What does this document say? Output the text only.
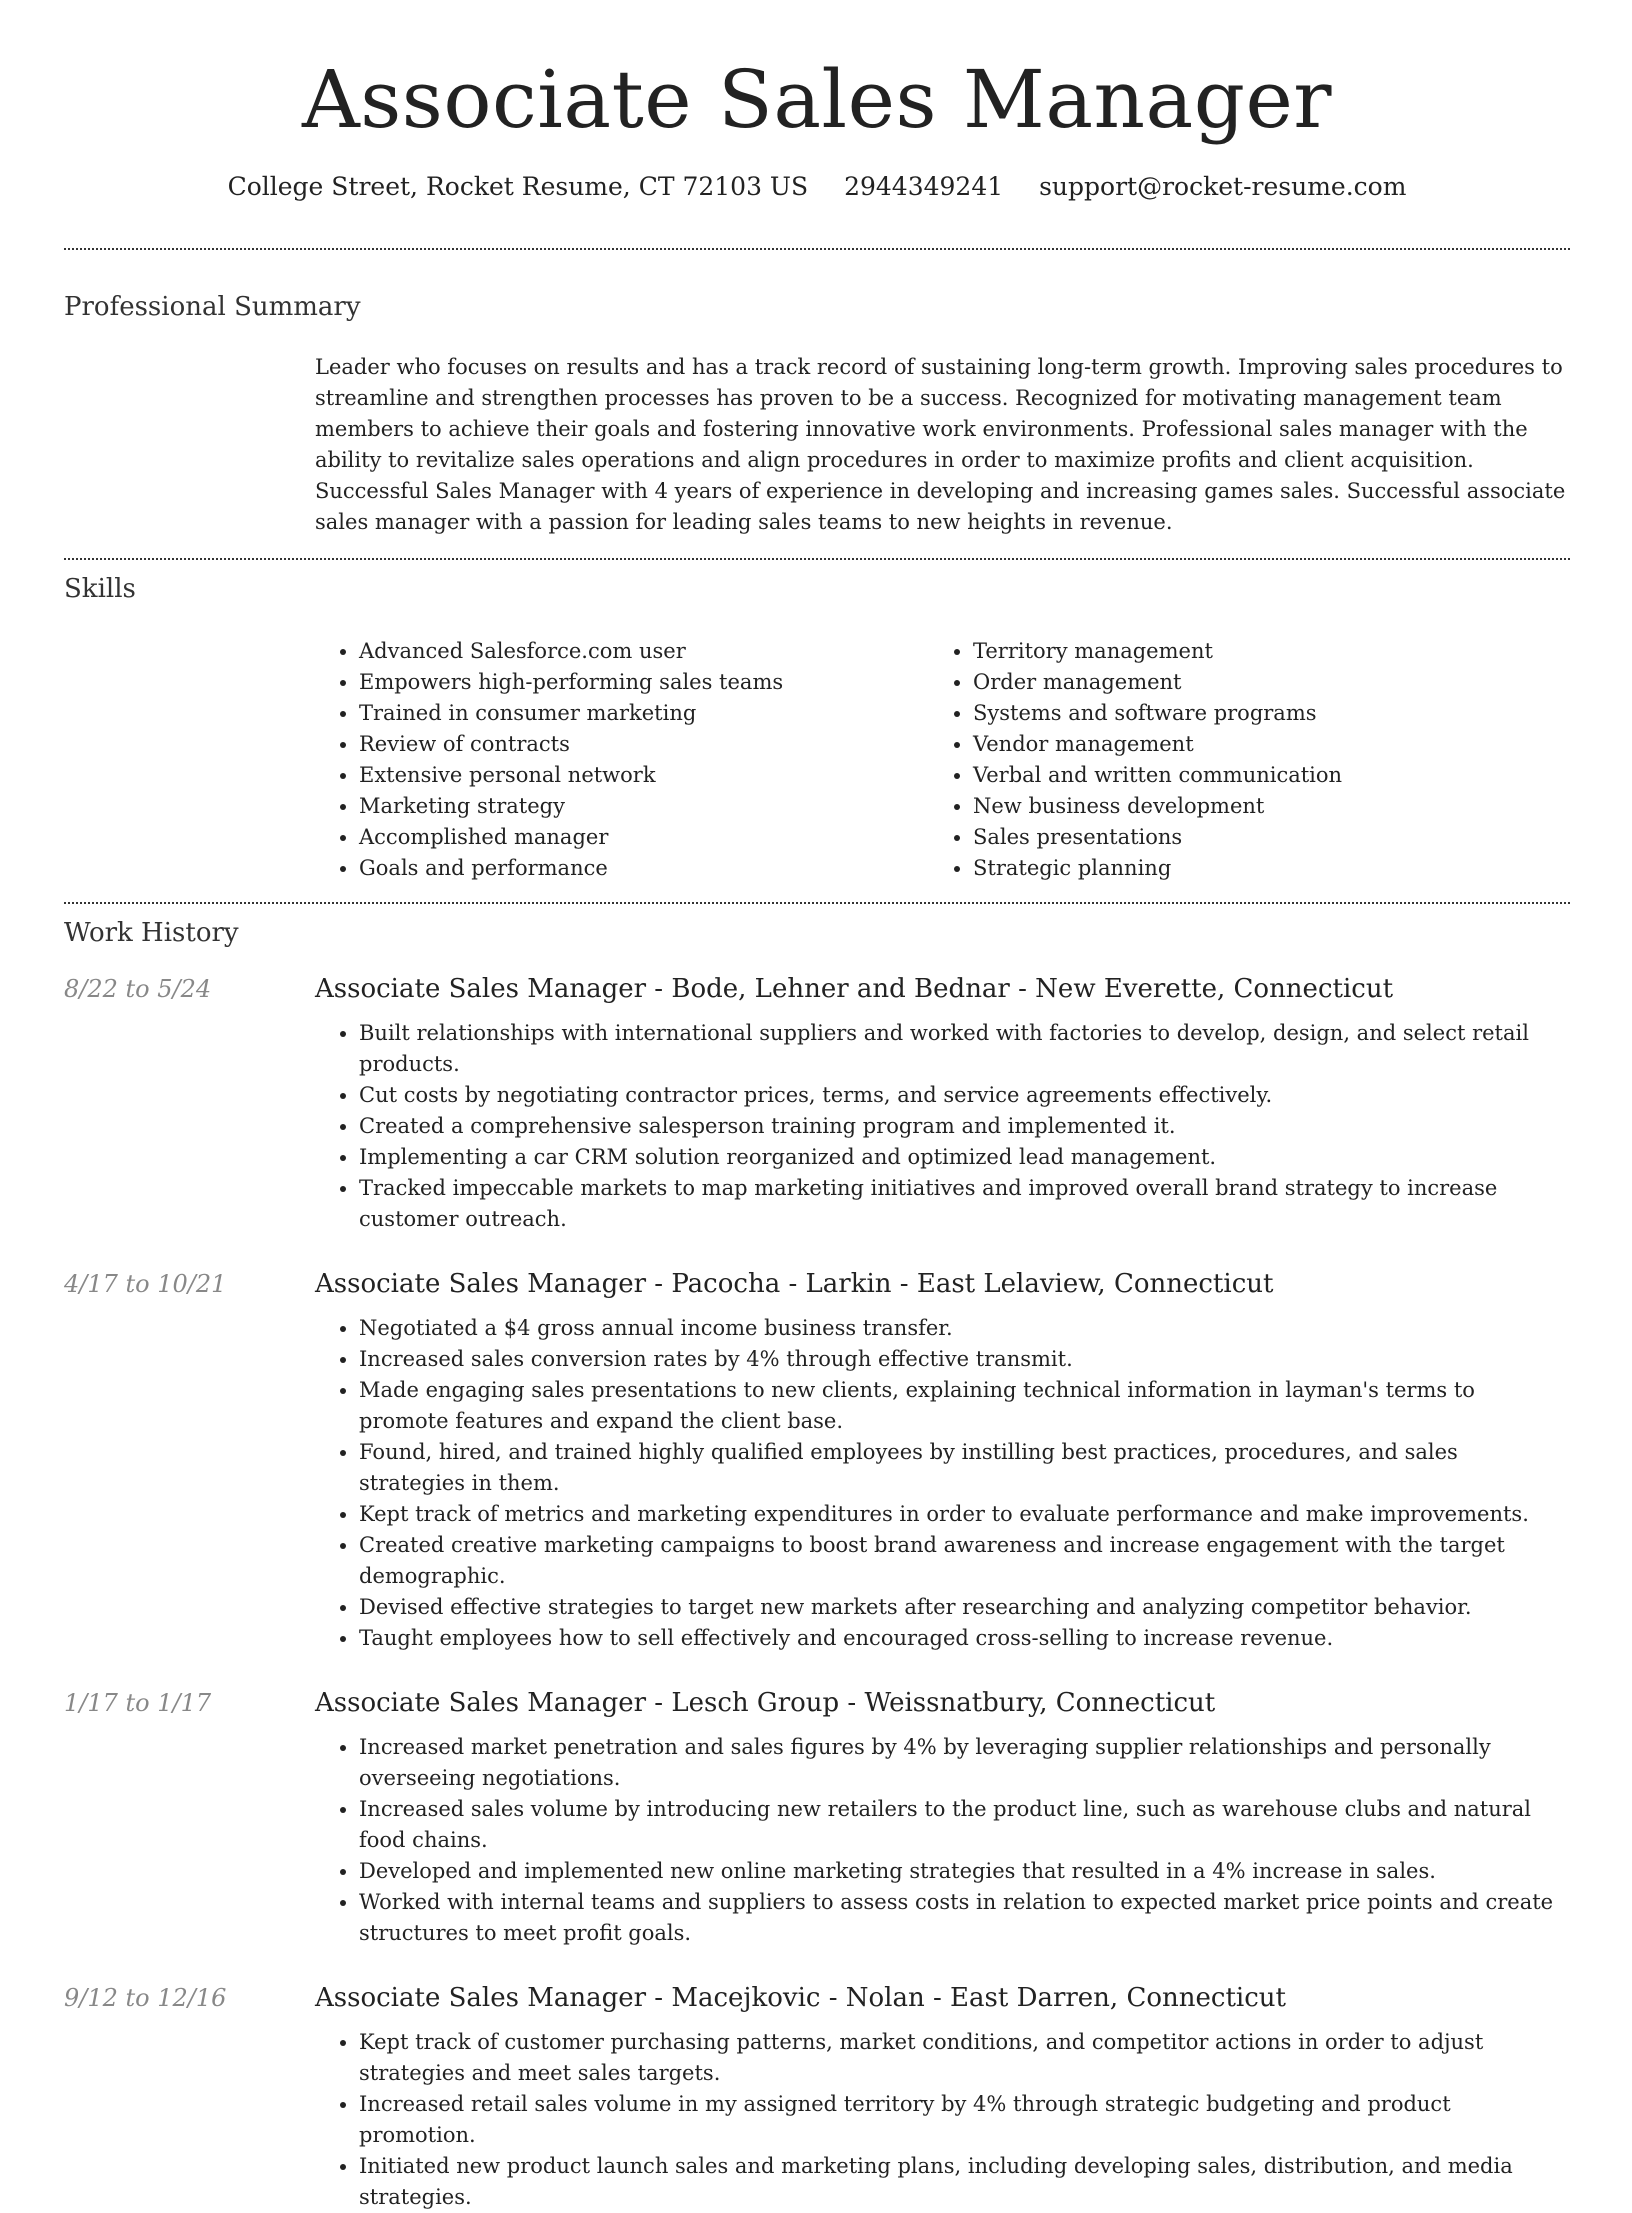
Associate Sales Manager
College Street, Rocket Resume, CT 72103 US 2944349241 support@rocket-resume.com
Professional Summary

Leader who focuses on results and has a track record of sustaining long-term growth. Improving sales procedures to streamline and strengthen processes has proven to be a success. Recognized for motivating management team members to achieve their goals and fostering innovative work environments. Professional sales manager with the ability to revitalize sales operations and align procedures in order to maximize profits and client acquisition. Successful Sales Manager with 4 years of experience in developing and increasing games sales. Successful associate sales manager with a passion for leading sales teams to new heights in revenue.

Skills
• Advanced Salesforce.com user
• Empowers high-performing sales teams
• Trained in consumer marketing
• Review of contracts
• Extensive personal network
• Marketing strategy
• Accomplished manager
• Goals and performance
• Territory management
• Order management
• Systems and software programs
• Vendor management
• Verbal and written communication
• New business development
• Sales presentations
• Strategic planning
Work History
8/22 to 5/24	Associate Sales Manager - Bode, Lehner and Bednar - New Everette, Connecticut
• Built relationships with international suppliers and worked with factories to develop, design, and select retail products.
• Cut costs by negotiating contractor prices, terms, and service agreements effectively.
• Created a comprehensive salesperson training program and implemented it.
• Implementing a car CRM solution reorganized and optimized lead management.
• Tracked impeccable markets to map marketing initiatives and improved overall brand strategy to increase customer outreach.
4/17 to 10/21	Associate Sales Manager - Pacocha - Larkin - East Lelaview, Connecticut
• Negotiated a $4 gross annual income business transfer.
• Increased sales conversion rates by 4% through effective transmit.
• Made engaging sales presentations to new clients, explaining technical information in layman's terms to promote features and expand the client base.
• Found, hired, and trained highly qualified employees by instilling best practices, procedures, and sales strategies in them.
• Kept track of metrics and marketing expenditures in order to evaluate performance and make improvements.
• Created creative marketing campaigns to boost brand awareness and increase engagement with the target demographic.
• Devised effective strategies to target new markets after researching and analyzing competitor behavior.
• Taught employees how to sell effectively and encouraged cross-selling to increase revenue.
1/17 to 1/17	Associate Sales Manager - Lesch Group - Weissnatbury, Connecticut
• Increased market penetration and sales figures by 4% by leveraging supplier relationships and personally overseeing negotiations.
• Increased sales volume by introducing new retailers to the product line, such as warehouse clubs and natural food chains.
• Developed and implemented new online marketing strategies that resulted in a 4% increase in sales.
• Worked with internal teams and suppliers to assess costs in relation to expected market price points and create structures to meet profit goals.
9/12 to 12/16	Associate Sales Manager - Macejkovic - Nolan - East Darren, Connecticut
• Kept track of customer purchasing patterns, market conditions, and competitor actions in order to adjust strategies and meet sales targets.
• Increased retail sales volume in my assigned territory by 4% through strategic budgeting and product promotion.
• Initiated new product launch sales and marketing plans, including developing sales, distribution, and media strategies.
